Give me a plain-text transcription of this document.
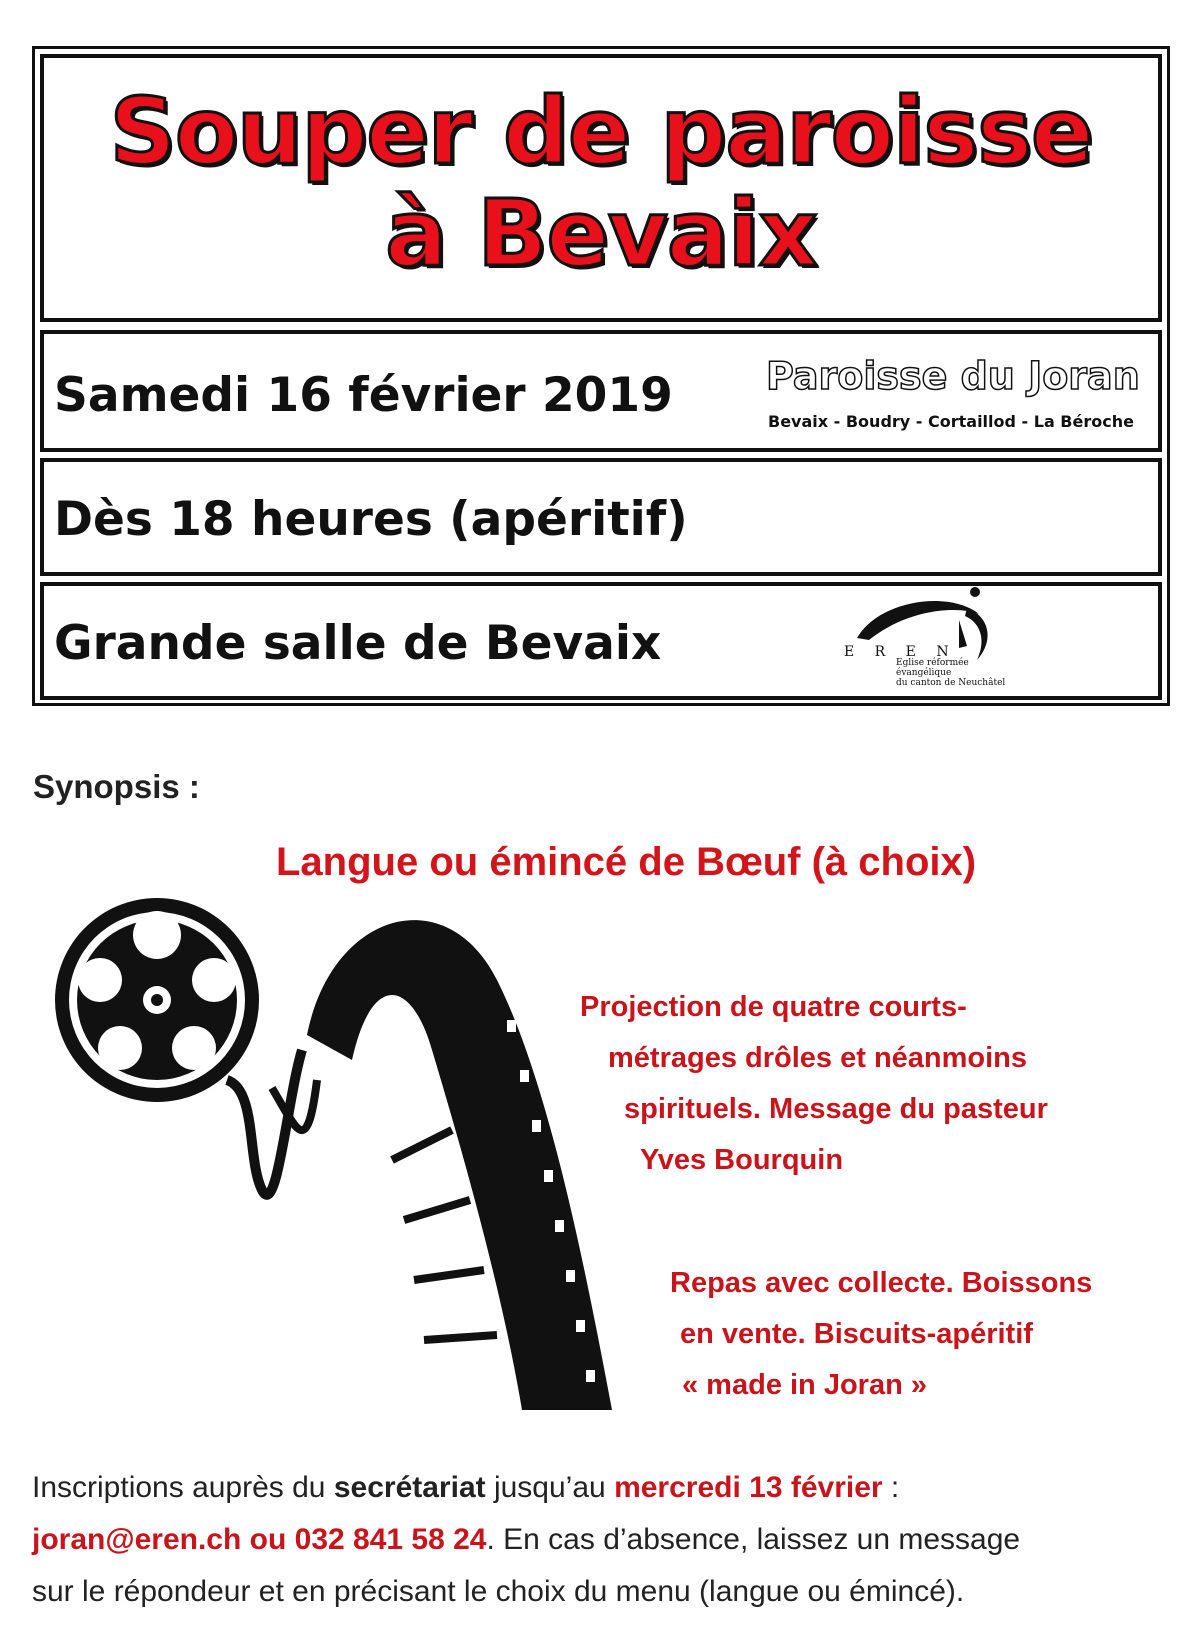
Souper de paroisse
à Bevaix
Samedi 16 février 2019 Paroisse du Joran
Bevaix - Boudry - Cortaillod - La Béroche
Dès 18 heures (apéritif)
Grande salle de Bevaix	E R E N
Eglise réformée évangélique
du canton de Neuchâtel
Synopsis :
Langue ou émincé de Bœuf (à choix)
Projection de quatre courts-
métrages drôles et néanmoins
spirituels. Message du pasteur
Yves Bourquin
Repas avec collecte. Boissons
en vente. Biscuits-apéritif
« made in Joran »
Inscriptions auprès du secrétariat jusqu’au mercredi 13 février :
joran@eren.ch ou 032 841 58 24. En cas d’absence, laissez un message
sur le répondeur et en précisant le choix du menu (langue ou émincé).
